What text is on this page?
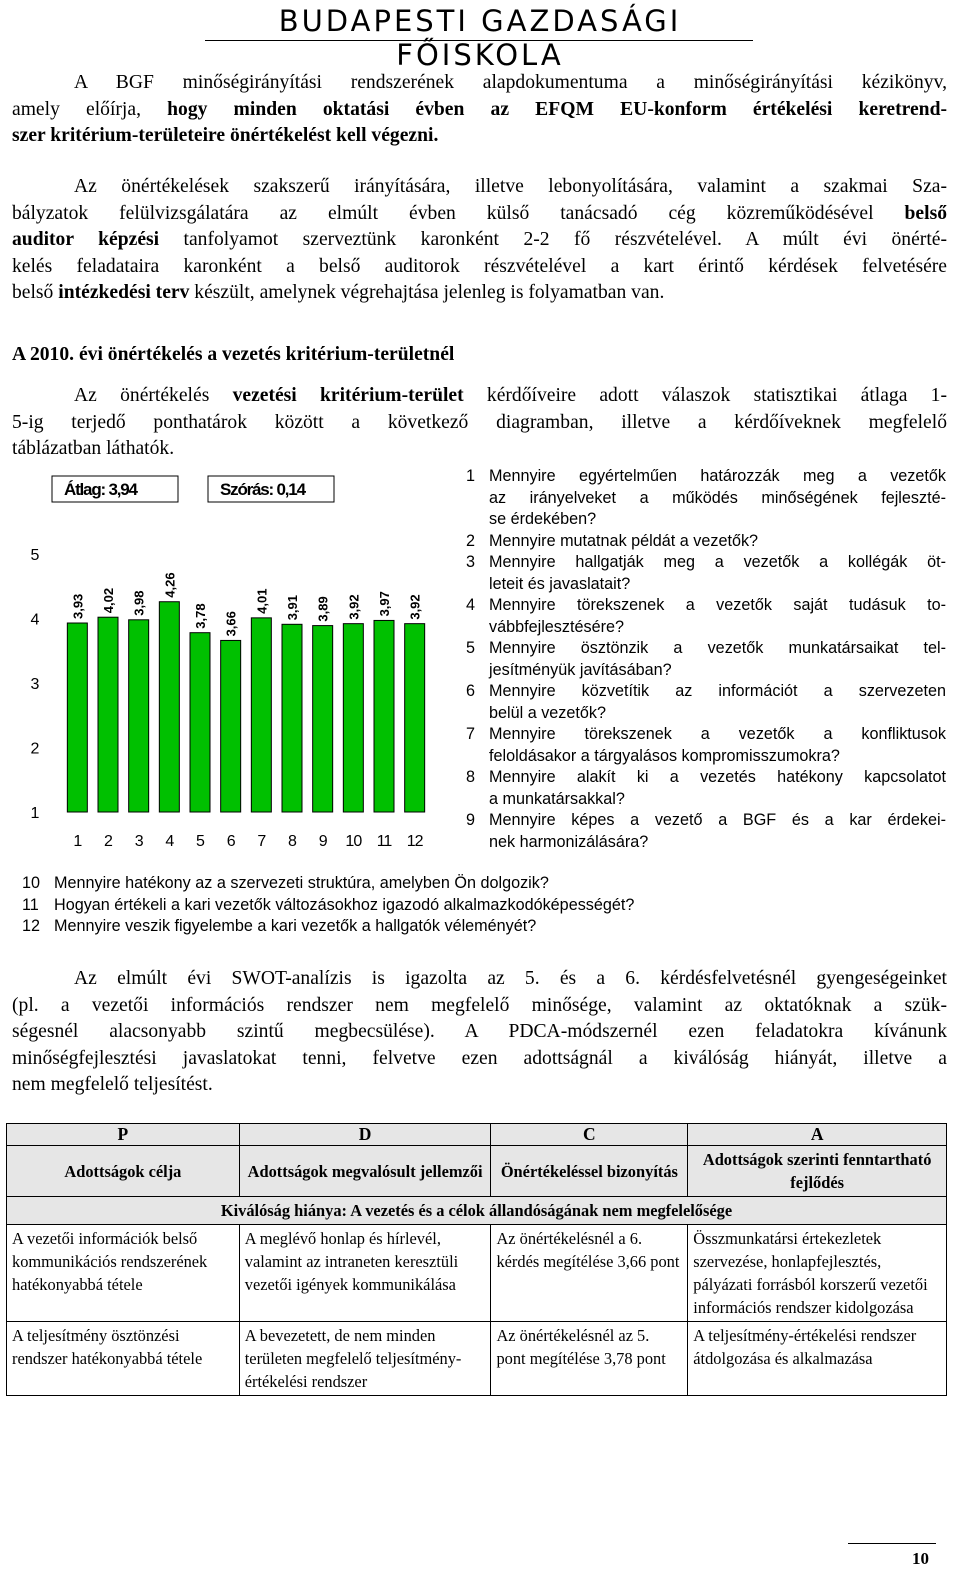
BUDAPESTI GAZDASÁGI FŐISKOLA
A BGF minőségirányítási rendszerének alapdokumentuma a minőségirányítási kézikönyv,
amely előírja, hogy minden oktatási évben az EFQM EU-konform értékelési keretrend-
szer kritérium-területeire önértékelést kell végezni.
Az önértékelések szakszerű irányítására, illetve lebonyolítására, valamint a szakmai Sza-
bályzatok felülvizsgálatára az elmúlt évben külső tanácsadó cég közreműködésével belső
auditor képzési tanfolyamot szerveztünk karonként 2-2 fő részvételével. A múlt évi önérté-
kelés feladataira karonként a belső auditorok részvételével a kart érintő kérdések felvetésére
belső intézkedési terv készült, amelynek végrehajtása jelenleg is folyamatban van.
A 2010. évi önértékelés a vezetés kritérium-területnél
Az önértékelés vezetési kritérium-terület kérdőíveire adott válaszok statisztikai átlaga 1-
5-ig terjedő ponthatárok között a következő diagramban, illetve a kérdőíveknek megfelelő
táblázatban láthatók.
Átlag: 3,94	Szórás: 0,14
1
2
3
4
5
3,93
1
4,02
2
3,98
3
4,26
4
3,78
5
3,66
6
4,01
7
3,91
8
3,89
9
3,92
10
3,97
11
3,92
12
1 Mennyire egyértelműen határozzák meg a vezetők
az irányelveket a működés minőségének fejleszté-
se érdekében?
2 Mennyire mutatnak példát a vezetők?
3 Mennyire hallgatják meg a vezetők a kollégák öt-
leteit és javaslatait?
4 Mennyire törekszenek a vezetők saját tudásuk to-
vábbfejlesztésére?
5 Mennyire ösztönzik a vezetők munkatársaikat tel-
jesítményük javításában?
6 Mennyire közvetítik az információt a szervezeten
belül a vezetők?
7 Mennyire törekszenek a vezetők a konfliktusok
feloldásakor a tárgyalásos kompromisszumokra?
8 Mennyire alakít ki a vezetés hatékony kapcsolatot
a munkatársakkal?
9 Mennyire képes a vezető a BGF és a kar érdekei-
nek harmonizálására?
10 Mennyire hatékony az a szervezeti struktúra, amelyben Ön dolgozik?
11 Hogyan értékeli a kari vezetők változásokhoz igazodó alkalmazkodóképességét?
12 Mennyire veszik figyelembe a kari vezetők a hallgatók véleményét?
Az elmúlt évi SWOT-analízis is igazolta az 5. és a 6. kérdésfelvetésnél gyengeségeinket
(pl. a vezetői információs rendszer nem megfelelő minősége, valamint az oktatóknak a szük-
ségesnél alacsonyabb szintű megbecsülése). A PDCA-módszernél ezen feladatokra kívánunk
minőségfejlesztési javaslatokat tenni, felvetve ezen adottságnál a kiválóság hiányát, illetve a
nem megfelelő teljesítést.
P	D	C	A
Adottságok célja	Adottságok megvalósult jellemzői	Önértékeléssel bizonyítás	Adottságok szerinti fenntartható fejlődés
Kiválóság hiánya: A vezetés és a célok állandóságának nem megfelelősége			
A vezetői információk belső kommunikációs rendszerének hatékonyabbá tétele	A meglévő honlap és hírlevél, valamint az intraneten keresztüli vezetői igények kommunikálása	Az önértékelésnél a 6. kérdés megítélése 3,66 pont	Összmunkatársi értekezletek szervezése, honlapfejlesztés, pályázati forrásból korszerű vezetői információs rendszer kidolgozása
A teljesítmény ösztönzési rendszer hatékonyabbá tétele	A bevezetett, de nem minden területen megfelelő teljesítmény-értékelési rendszer	Az önértékelésnél az 5. pont megítélése 3,78 pont	A teljesítmény-értékelési rendszer átdolgozása és alkalmazása
10
